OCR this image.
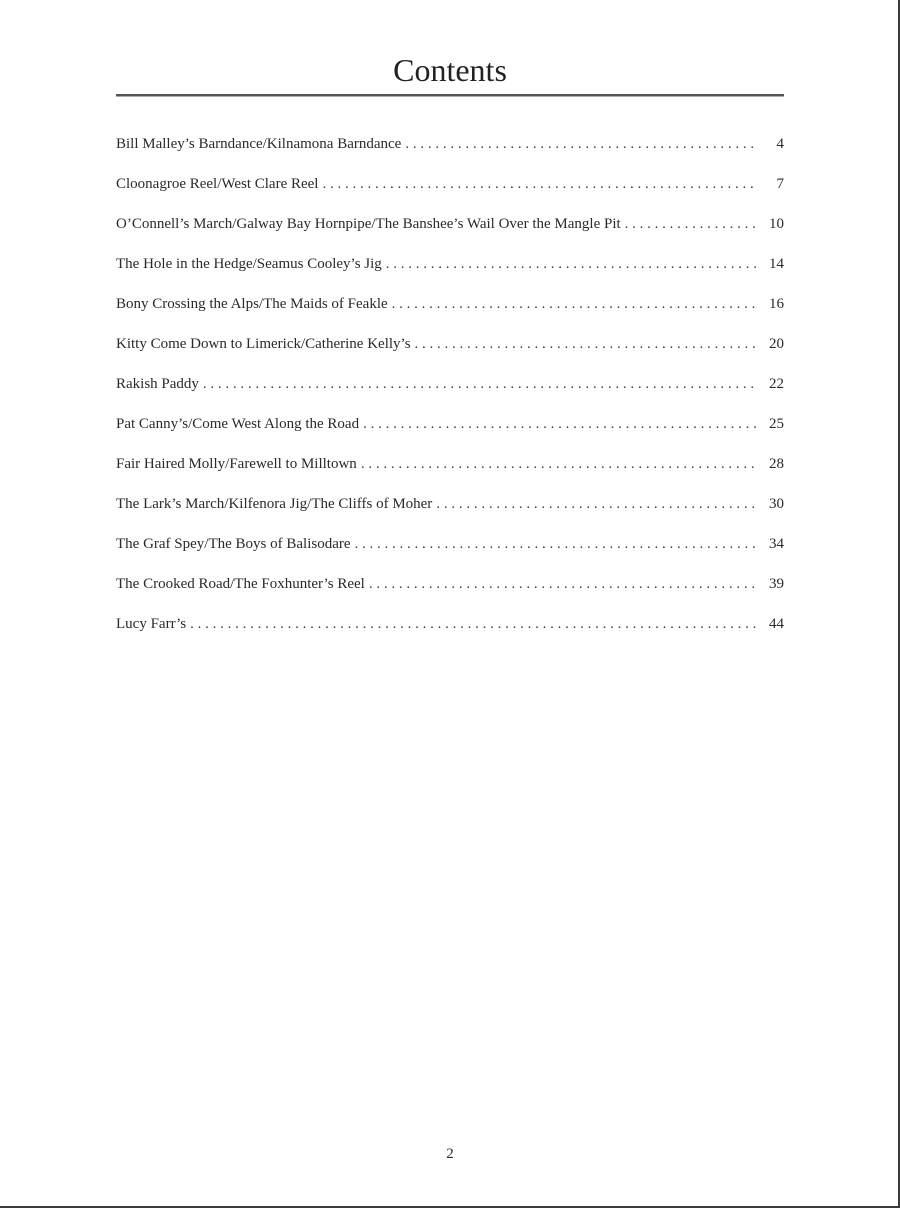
Contents
Bill Malley’s Barndance/Kilnamona Barndance . . .	4
Cloonagroe Reel/West Clare Reel . . .	7
O’Connell’s March/Galway Bay Hornpipe/The Banshee’s Wail Over the Mangle Pit . . .	10
The Hole in the Hedge/Seamus Cooley’s Jig . . .	14
Bony Crossing the Alps/The Maids of Feakle . . .	16
Kitty Come Down to Limerick/Catherine Kelly’s . . .	20
Rakish Paddy . . .	22
Pat Canny’s/Come West Along the Road . . .	25
Fair Haired Molly/Farewell to Milltown . . .	28
The Lark’s March/Kilfenora Jig/The Cliffs of Moher . . .	30
The Graf Spey/The Boys of Balisodare . . .	34
The Crooked Road/The Foxhunter’s Reel . . .	39
Lucy Farr’s . . .	44
2
